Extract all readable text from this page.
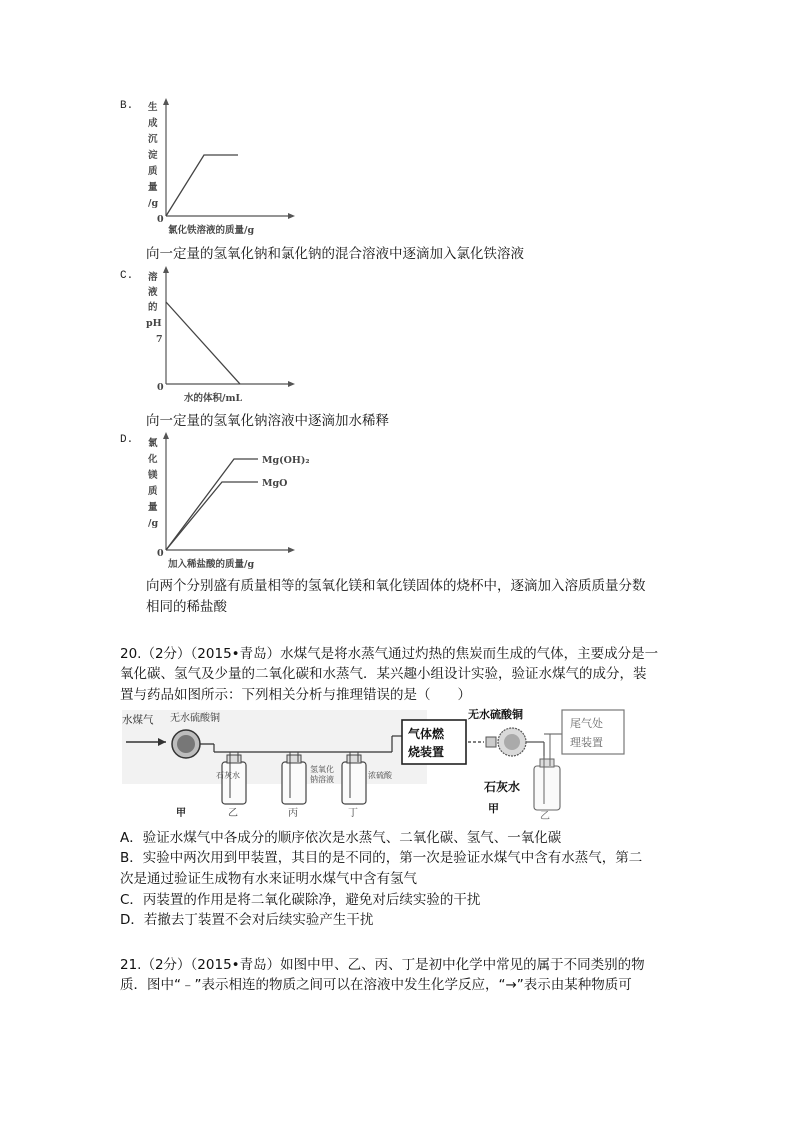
B. 生
成
沉
淀
质
量
/g
0
氯化铁溶液的质量/g
向一定量的氢氧化钠和氯化钠的混合溶液中逐滴加入氯化铁溶液
C. 溶
液
的
pH
7
0
水的体积/mL
向一定量的氢氧化钠溶液中逐滴加水稀释
D. 氯
化
镁
质
量
/g
0
Mg(OH)₂
MgO
加入稀盐酸的质量/g
向两个分别盛有质量相等的氢氧化镁和氧化镁固体的烧杯中，逐滴加入溶质质量分数
相同的稀盐酸
20.（2分）（2015•青岛）水煤气是将水蒸气通过灼热的焦炭而生成的气体，主要成分是一
氧化碳、氢气及少量的二氧化碳和水蒸气．某兴趣小组设计实验，验证水煤气的成分，装
置与药品如图所示：下列相关分析与推理错误的是（　　）
水煤气 无水硫酸铜
石灰水
氢氧化
钠溶液	浓硫酸
气体燃
烧装置
无水硫酸铜
尾气处
理装置
石灰水
甲	乙	丙	丁	甲
乙
A．验证水煤气中各成分的顺序依次是水蒸气、二氧化碳、氢气、一氧化碳
B．实验中两次用到甲装置，其目的是不同的，第一次是验证水煤气中含有水蒸气，第二
次是通过验证生成物有水来证明水煤气中含有氢气
C．丙装置的作用是将二氧化碳除净，避免对后续实验的干扰
D．若撤去丁装置不会对后续实验产生干扰
21.（2分）（2015•青岛）如图中甲、乙、丙、丁是初中化学中常见的属于不同类别的物
质．图中“﹣”表示相连的物质之间可以在溶液中发生化学反应，“→”表示由某种物质可
